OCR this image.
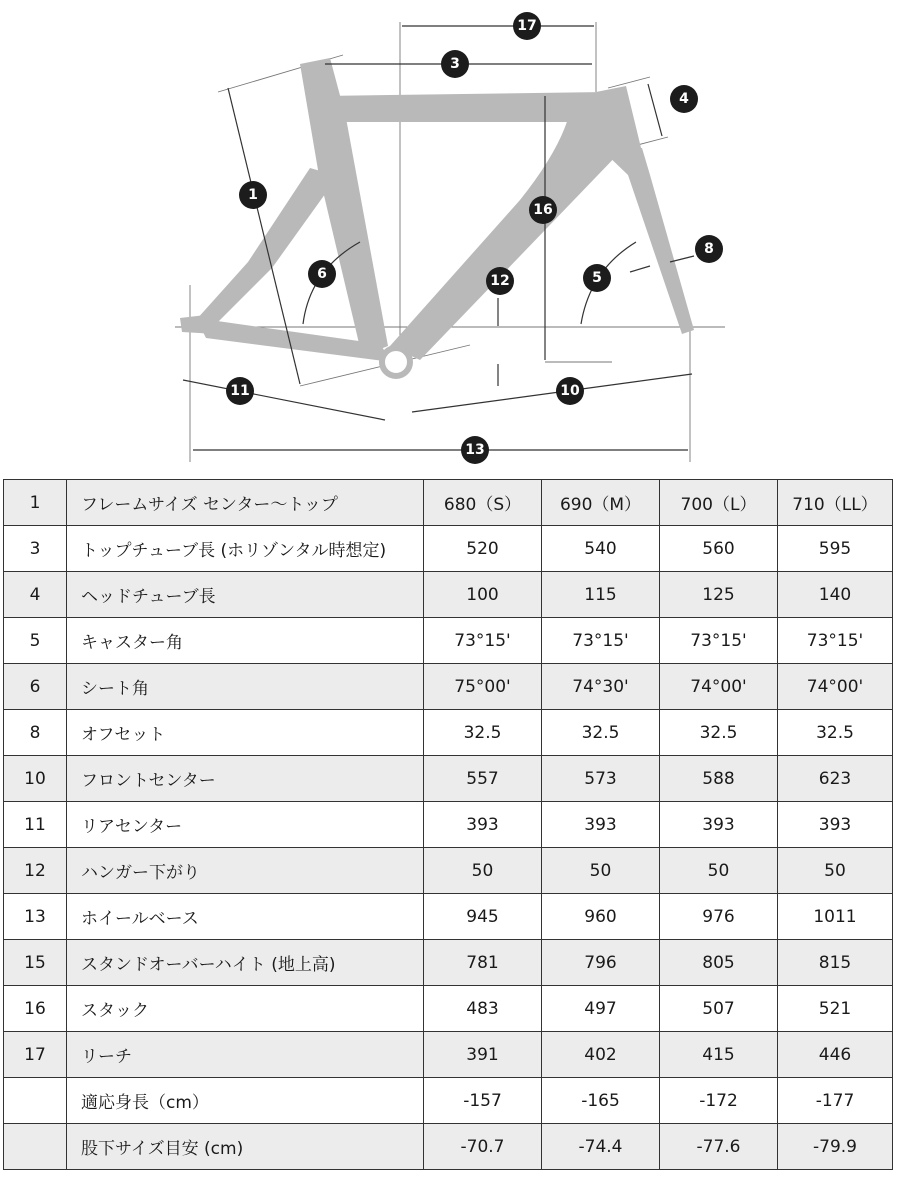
17
3
4
1
16
8
6	12	5
11	10
13
1	フレームサイズ センター〜トップ	680（S）	690（M）	700（L）	710（LL）
3	トップチューブ長 (ホリゾンタル時想定)	520	540	560	595
4	ヘッドチューブ長	100	115	125	140
5	キャスター角	73°15'	73°15'	73°15'	73°15'
6	シート角	75°00'	74°30'	74°00'	74°00'
8	オフセット	32.5	32.5	32.5	32.5
10	フロントセンター	557	573	588	623
11	リアセンター	393	393	393	393
12	ハンガー下がり	50	50	50	50
13	ホイールベース	945	960	976	1011
15	スタンドオーバーハイト (地上高)	781	796	805	815
16	スタック	483	497	507	521
17	リーチ	391	402	415	446
	適応身長（cm）	-157	-165	-172	-177
	股下サイズ目安 (cm)	-70.7	-74.4	-77.6	-79.9
